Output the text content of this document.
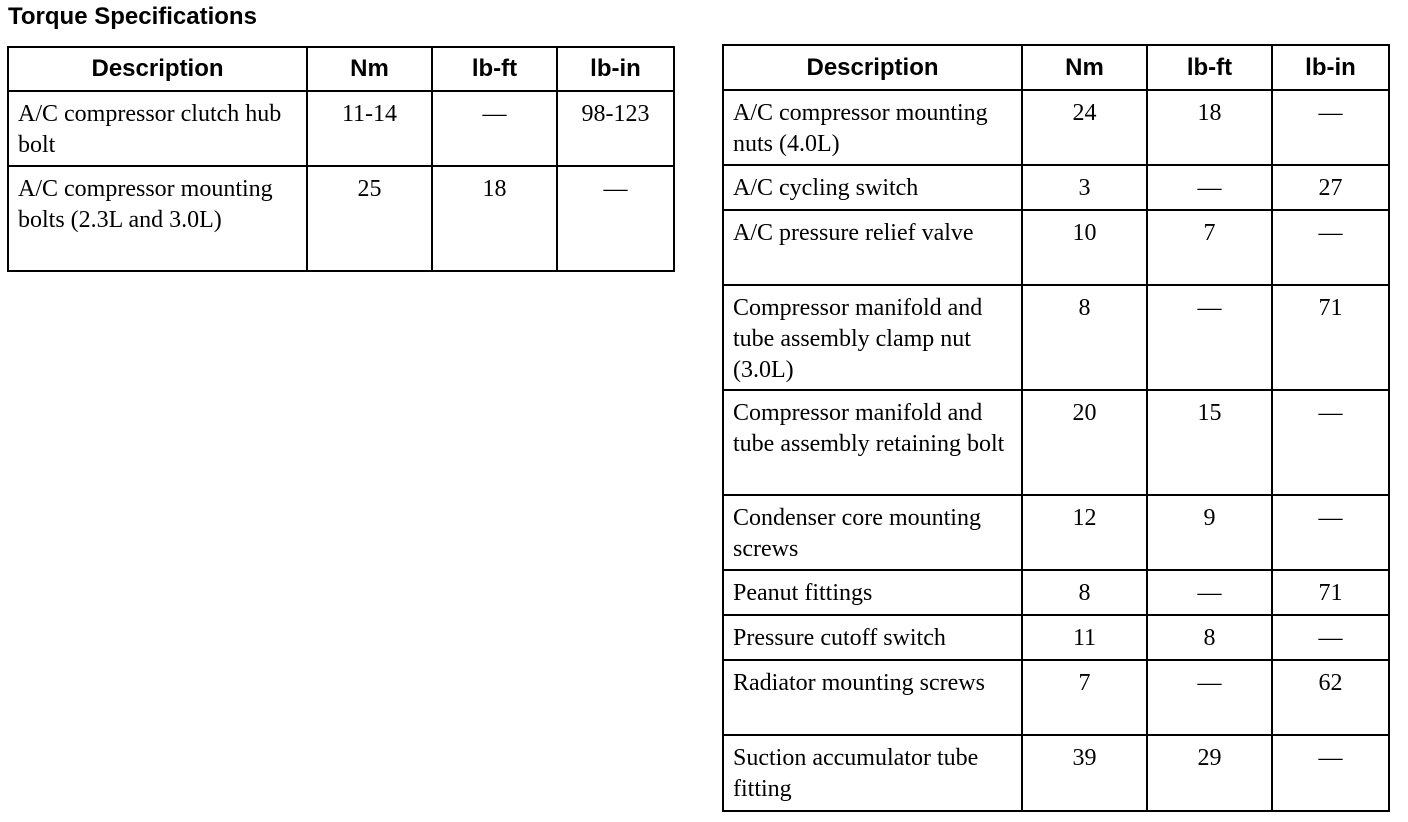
Torque Specifications
Description	Nm	lb-ft	lb-in
A/C compressor clutch hub bolt	11-14	—	98-123
A/C compressor mounting bolts (2.3L and 3.0L)	25	18	—
Description	Nm	lb-ft	lb-in
A/C compressor mounting nuts (4.0L)	24	18	—
A/C cycling switch	3	—	27
A/C pressure relief valve	10	7	—
Compressor manifold and tube assembly clamp nut (3.0L)	8	—	71
Compressor manifold and tube assembly retaining bolt	20	15	—
Condenser core mounting screws	12	9	—
Peanut fittings	8	—	71
Pressure cutoff switch	11	8	—
Radiator mounting screws	7	—	62
Suction accumulator tube fitting	39	29	—
